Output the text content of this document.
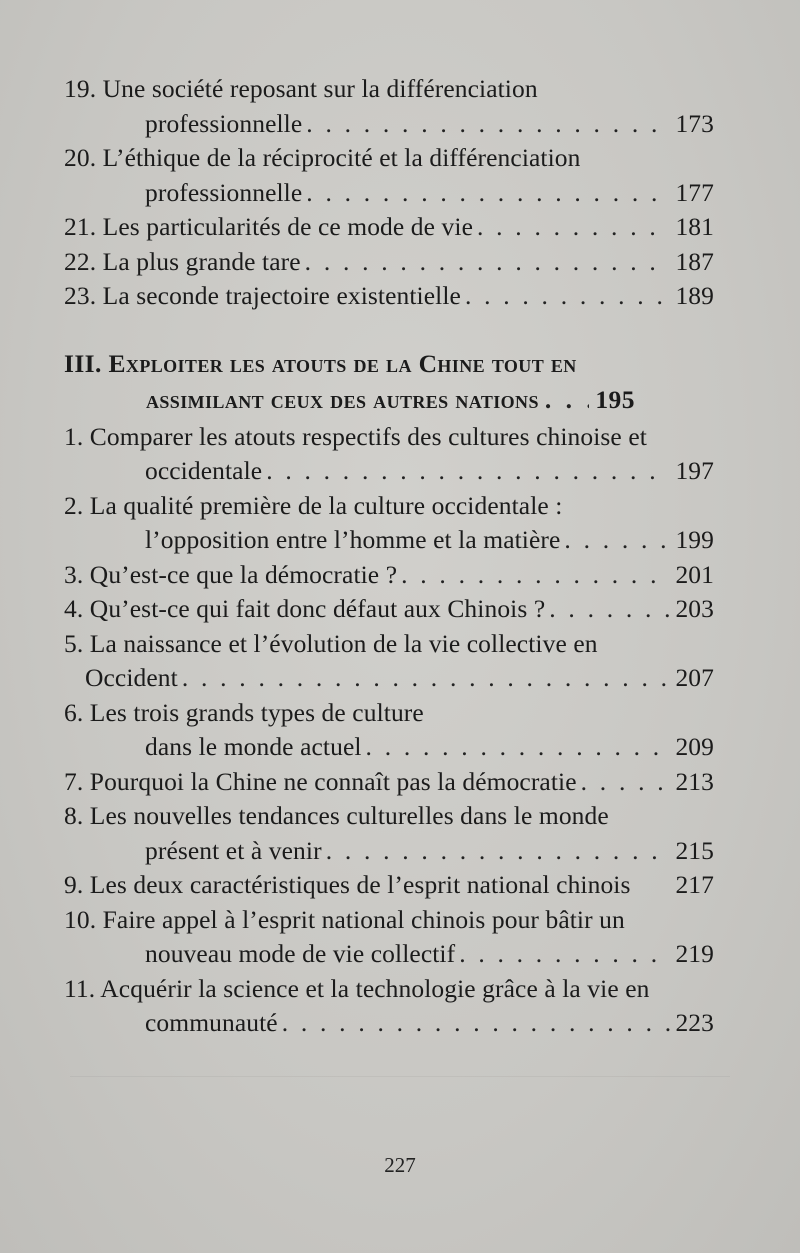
19. Une société reposant sur la différenciation
professionnelle . . .	173
20. L’éthique de la réciprocité et la différenciation
professionnelle . . .	177
21. Les particularités de ce mode de vie . . .	181
22. La plus grande tare . . .	187
23. La seconde trajectoire existentielle . . .	189
III. Exploiter les atouts de la Chine tout en
assimilant ceux des autres nations . . . 195
1. Comparer les atouts respectifs des cultures chinoise et
occidentale . . .	197
2. La qualité première de la culture occidentale :
l’opposition entre l’homme et la matière . . .	199
3. Qu’est-ce que la démocratie ? . . .	201
4. Qu’est-ce qui fait donc défaut aux Chinois ? . . .	203
5. La naissance et l’évolution de la vie collective en
Occident . . .	207
6. Les trois grands types de culture
dans le monde actuel . . .	209
7. Pourquoi la Chine ne connaît pas la démocratie . . .	213
8. Les nouvelles tendances culturelles dans le monde
présent et à venir . . .	215
9. Les deux caractéristiques de l’esprit national chinois 217
10. Faire appel à l’esprit national chinois pour bâtir un
nouveau mode de vie collectif . . .	219
11. Acquérir la science et la technologie grâce à la vie en
communauté . . .	223
227
